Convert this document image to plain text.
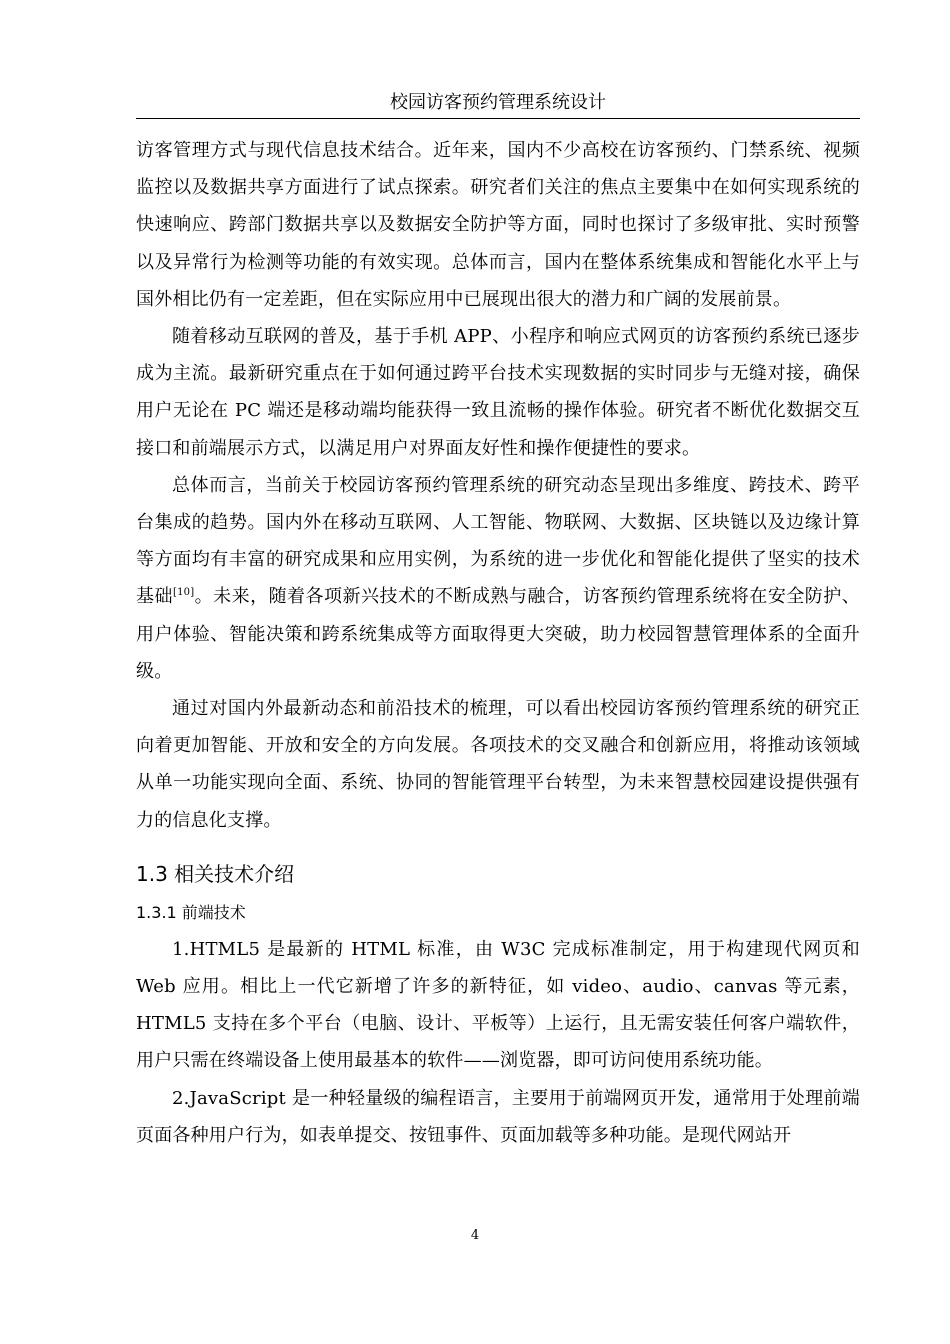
校园访客预约管理系统设计

访客管理方式与现代信息技术结合。近年来，国内不少高校在访客预约、门禁系统、视频监控以及数据共享方面进行了试点探索。研究者们关注的焦点主要集中在如何实现系统的快速响应、跨部门数据共享以及数据安全防护等方面，同时也探讨了多级审批、实时预警以及异常行为检测等功能的有效实现。总体而言，国内在整体系统集成和智能化水平上与国外相比仍有一定差距，但在实际应用中已展现出很大的潜力和广阔的发展前景。

随着移动互联网的普及，基于手机 APP、小程序和响应式网页的访客预约系统已逐步成为主流。最新研究重点在于如何通过跨平台技术实现数据的实时同步与无缝对接，确保用户无论在 PC 端还是移动端均能获得一致且流畅的操作体验。研究者不断优化数据交互接口和前端展示方式，以满足用户对界面友好性和操作便捷性的要求。

总体而言，当前关于校园访客预约管理系统的研究动态呈现出多维度、跨技术、跨平台集成的趋势。国内外在移动互联网、人工智能、物联网、大数据、区块链以及边缘计算等方面均有丰富的研究成果和应用实例，为系统的进一步优化和智能化提供了坚实的技术基础[10]。未来，随着各项新兴技术的不断成熟与融合，访客预约管理系统将在安全防护、用户体验、智能决策和跨系统集成等方面取得更大突破，助力校园智慧管理体系的全面升级。

通过对国内外最新动态和前沿技术的梳理，可以看出校园访客预约管理系统的研究正向着更加智能、开放和安全的方向发展。各项技术的交叉融合和创新应用，将推动该领域从单一功能实现向全面、系统、协同的智能管理平台转型，为未来智慧校园建设提供强有力的信息化支撑。

1.3 相关技术介绍
1.3.1 前端技术

1.HTML5 是最新的 HTML 标准，由 W3C 完成标准制定，用于构建现代网页和 Web 应用。相比上一代它新增了许多的新特征，如 video、audio、canvas 等元素，HTML5 支持在多个平台（电脑、设计、平板等）上运行，且无需安装任何客户端软件，用户只需在终端设备上使用最基本的软件——浏览器，即可访问使用系统功能。

2.JavaScript 是一种轻量级的编程语言，主要用于前端网页开发，通常用于处理前端页面各种用户行为，如表单提交、按钮事件、页面加载等多种功能。是现代网站开

4
